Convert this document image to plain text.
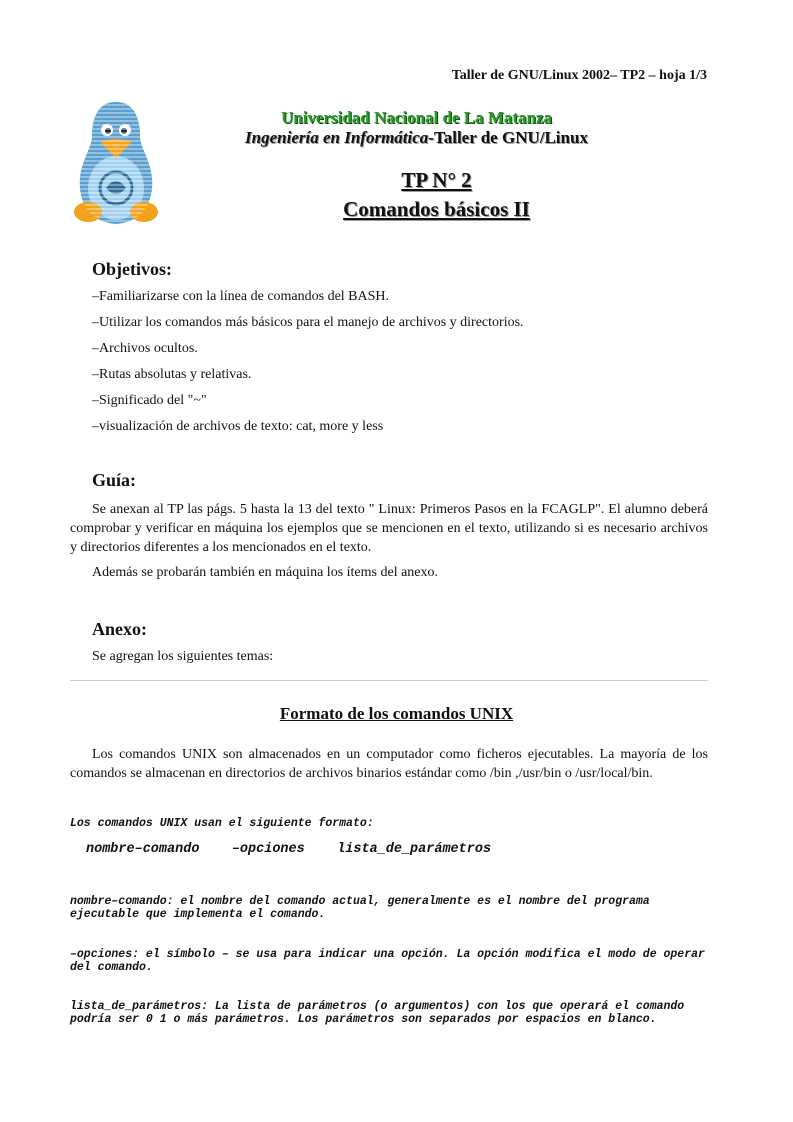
Taller de GNU/Linux 2002– TP2 – hoja 1/3
Universidad Nacional de La Matanza
Ingeniería en Informática-Taller de GNU/Linux
TP N° 2
Comandos básicos II
Objetivos:
–Familiarizarse con la línea de comandos del BASH.
–Utilizar los comandos más básicos para el manejo de archivos y directorios.
–Archivos ocultos.
–Rutas absolutas y relativas.
–Significado del "~"
–visualización de archivos de texto: cat, more y less
Guía:
Se anexan al TP las págs. 5 hasta la 13 del texto " Linux: Primeros Pasos en la FCAGLP". El alumno deberá comprobar y verificar en máquina los ejemplos que se mencionen en el texto, utilizando si es necesario archivos y directorios diferentes a los mencionados en el texto.
Además se probarán también en máquina los ítems del anexo.
Anexo:
Se agregan los siguientes temas:
Formato de los comandos UNIX
Los comandos UNIX son almacenados en un computador como ficheros ejecutables. La mayoría de los comandos se almacenan en directorios de archivos binarios estándar como /bin ,/usr/bin o /usr/local/bin.
Los comandos UNIX usan el siguiente formato:
nombre–comando    –opciones    lista_de_parámetros
nombre–comando: el nombre del comando actual, generalmente es el nombre del programa ejecutable que implementa el comando.
–opciones: el símbolo – se usa para indicar una opción. La opción modifica el modo de operar del comando.
lista_de_parámetros: La lista de parámetros (o argumentos) con los que operará el comando podría ser 0 1 o más parámetros. Los parámetros son separados por espacios en blanco.
